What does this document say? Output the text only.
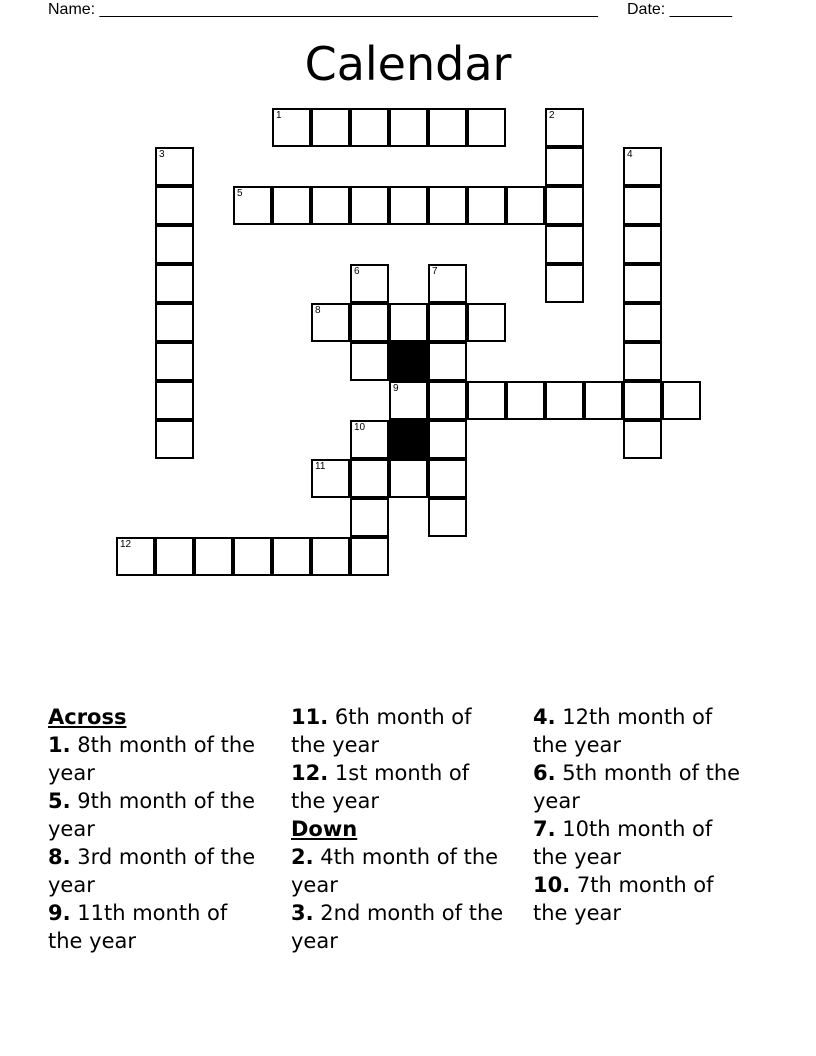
Name: ________________________________________________________ Date: _______
Calendar
1	2
3	4
5
6	7
8
9
10
11
12
Across
1. 8th month of the year
5. 9th month of the year
8. 3rd month of the year
9. 11th month of the year
11. 6th month of the year
12. 1st month of the year
Down
2. 4th month of the year
3. 2nd month of the year
4. 12th month of the year
6. 5th month of the year
7. 10th month of the year
10. 7th month of the year
